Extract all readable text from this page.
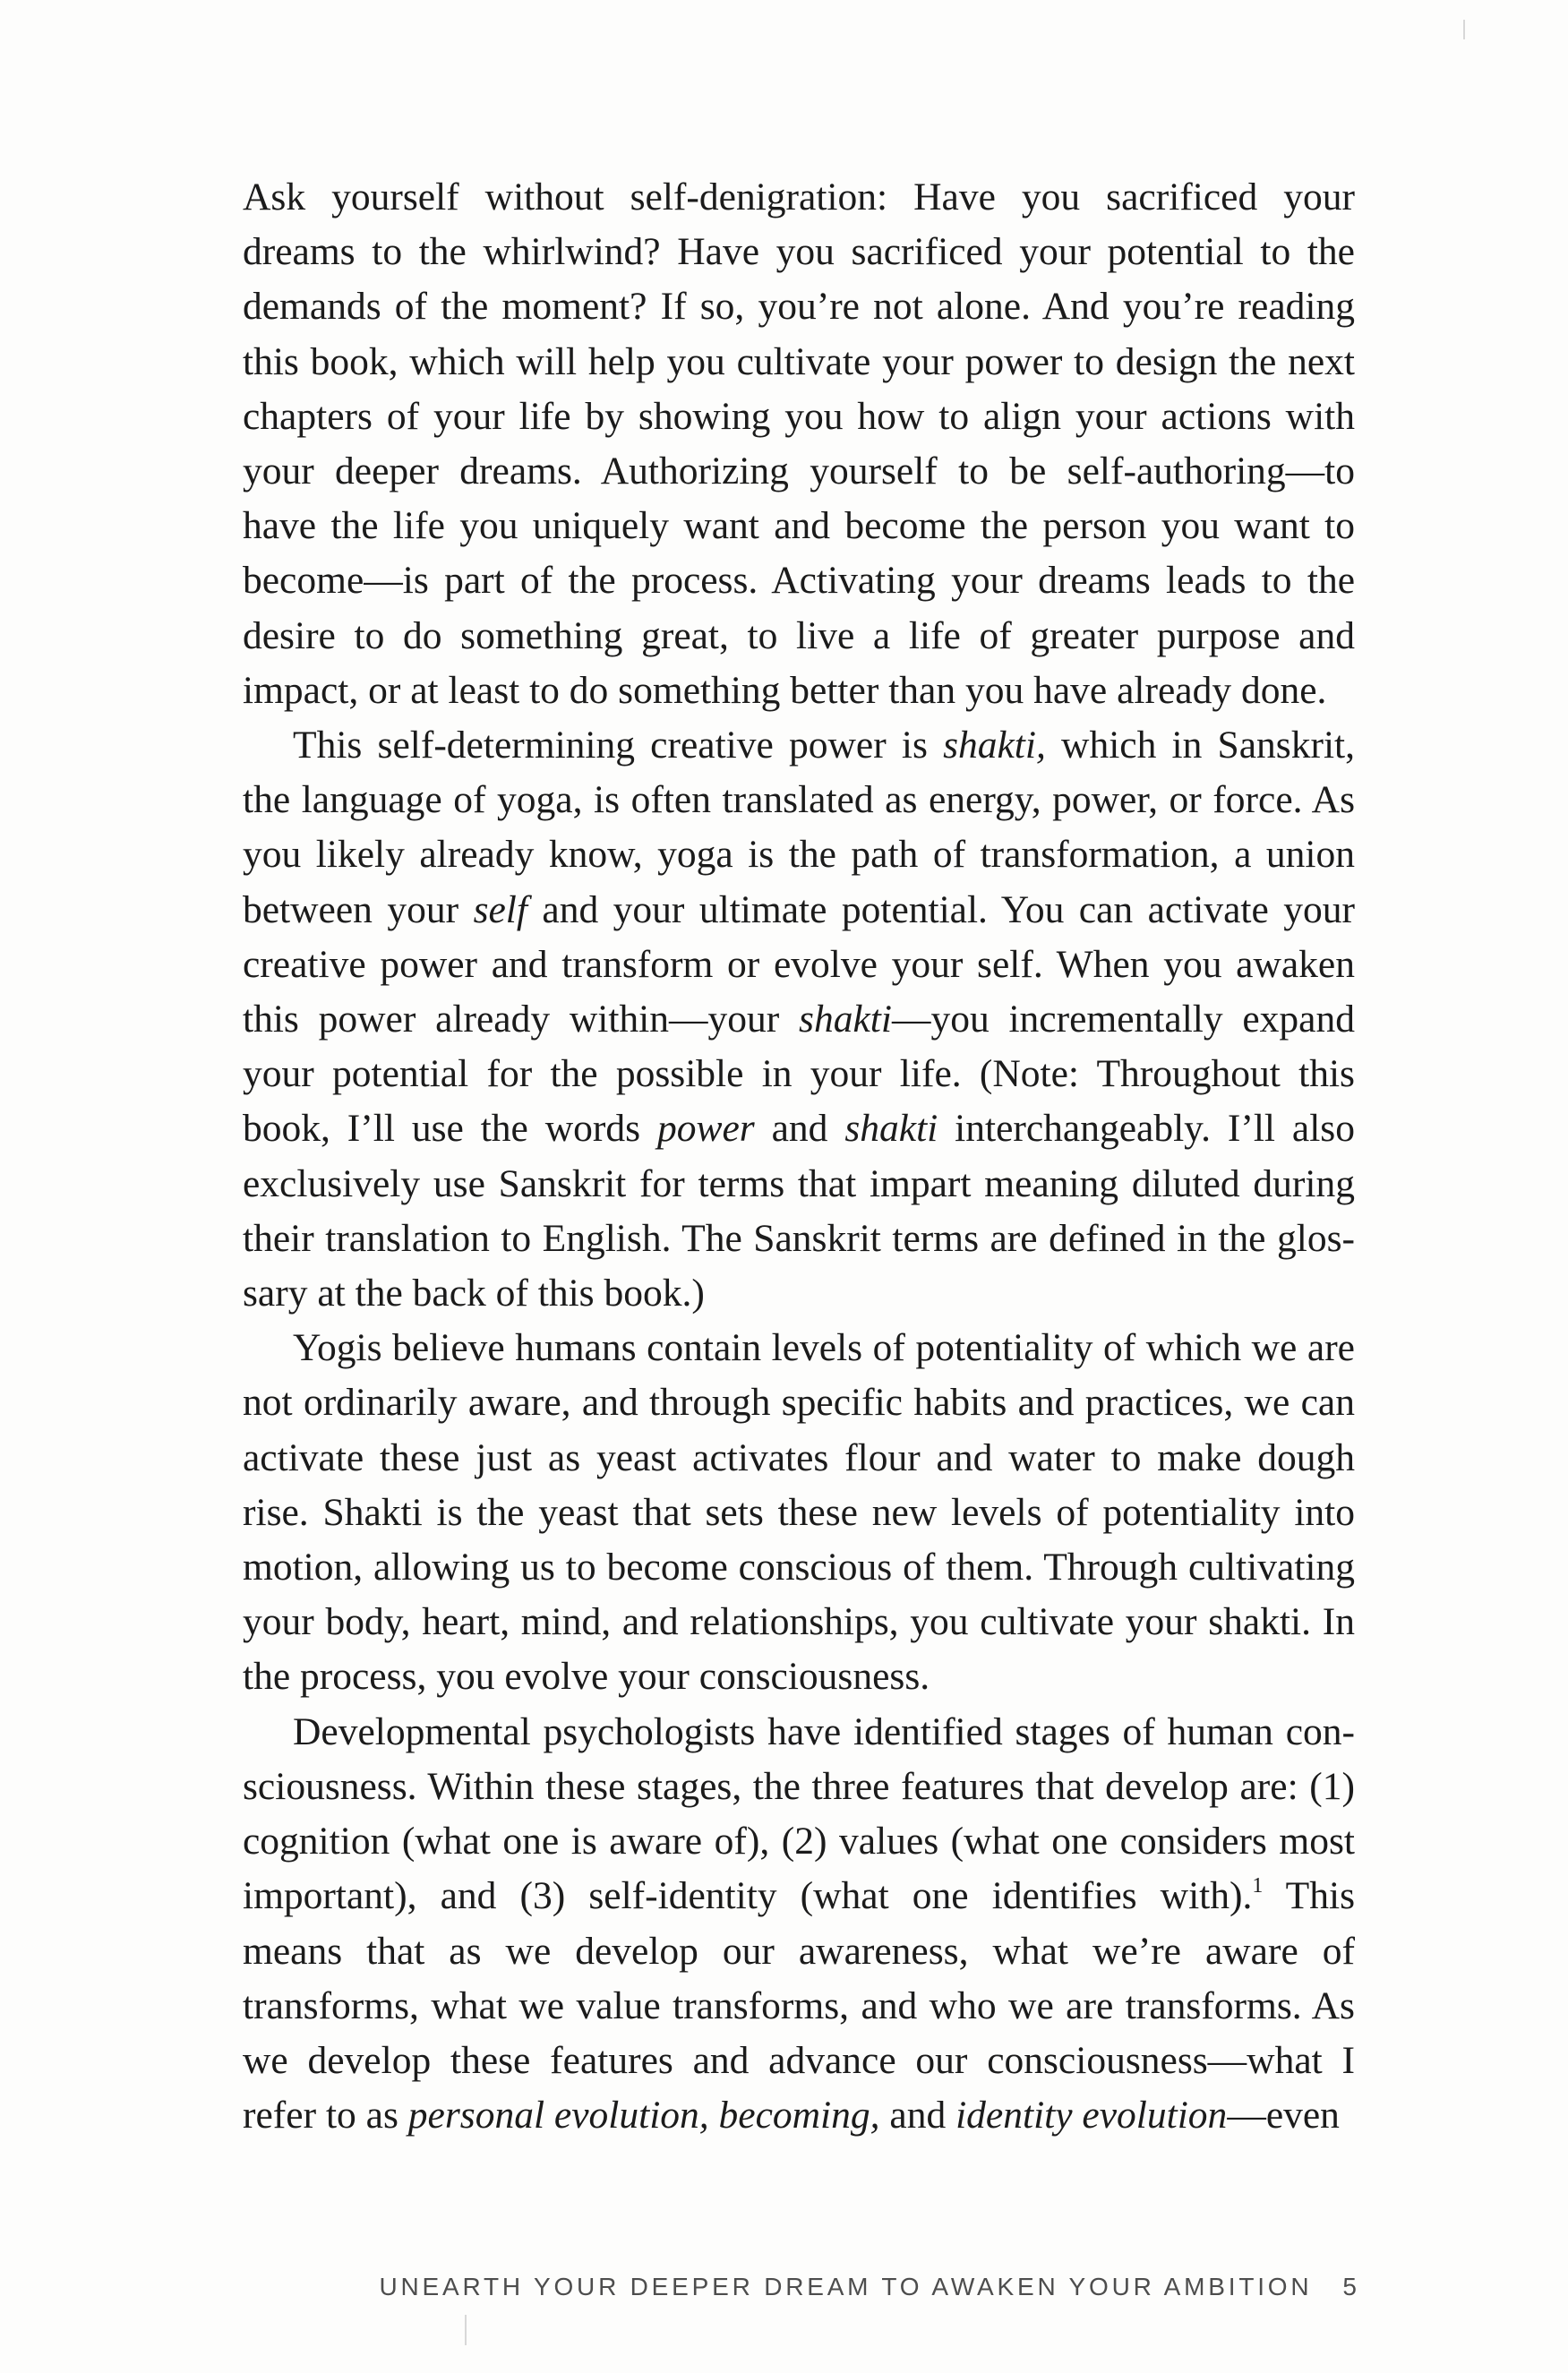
Ask yourself without self-denigration: Have you sacrificed your dreams to the whirlwind? Have you sacrificed your potential to the demands of the moment? If so, you’re not alone. And you’re reading this book, which will help you cultivate your power to design the next chapters of your life by showing you how to align your actions with your deeper dreams. Authorizing yourself to be self-authoring—to have the life you uniquely want and become the person you want to become—is part of the process. Activating your dreams leads to the desire to do something great, to live a life of greater purpose and impact, or at least to do something better than you have already done.

This self-determining creative power is shakti, which in Sanskrit, the language of yoga, is often translated as energy, power, or force. As you likely already know, yoga is the path of transformation, a union between your self and your ultimate potential. You can activate your creative power and transform or evolve your self. When you awaken this power already within—your shakti—you incrementally expand your potential for the possible in your life. (Note: Throughout this book, I’ll use the words power and shakti interchangeably. I’ll also exclusively use Sanskrit for terms that impart meaning diluted during their translation to English. The Sanskrit terms are defined in the glossary at the back of this book.)

Yogis believe humans contain levels of potentiality of which we are not ordinarily aware, and through specific habits and practices, we can activate these just as yeast activates flour and water to make dough rise. Shakti is the yeast that sets these new levels of potentiality into motion, allowing us to become conscious of them. Through cultivating your body, heart, mind, and relationships, you cultivate your shakti. In the process, you evolve your consciousness.

Developmental psychologists have identified stages of human consciousness. Within these stages, the three features that develop are: (1) cognition (what one is aware of), (2) values (what one considers most important), and (3) self-identity (what one identifies with).$^1$ This means that as we develop our awareness, what we’re aware of transforms, what we value transforms, and who we are transforms. As we develop these features and advance our consciousness—what I refer to as personal evolution, becoming, and identity evolution—even

UNEARTH YOUR DEEPER DREAM TO AWAKEN YOUR AMBITION 5
